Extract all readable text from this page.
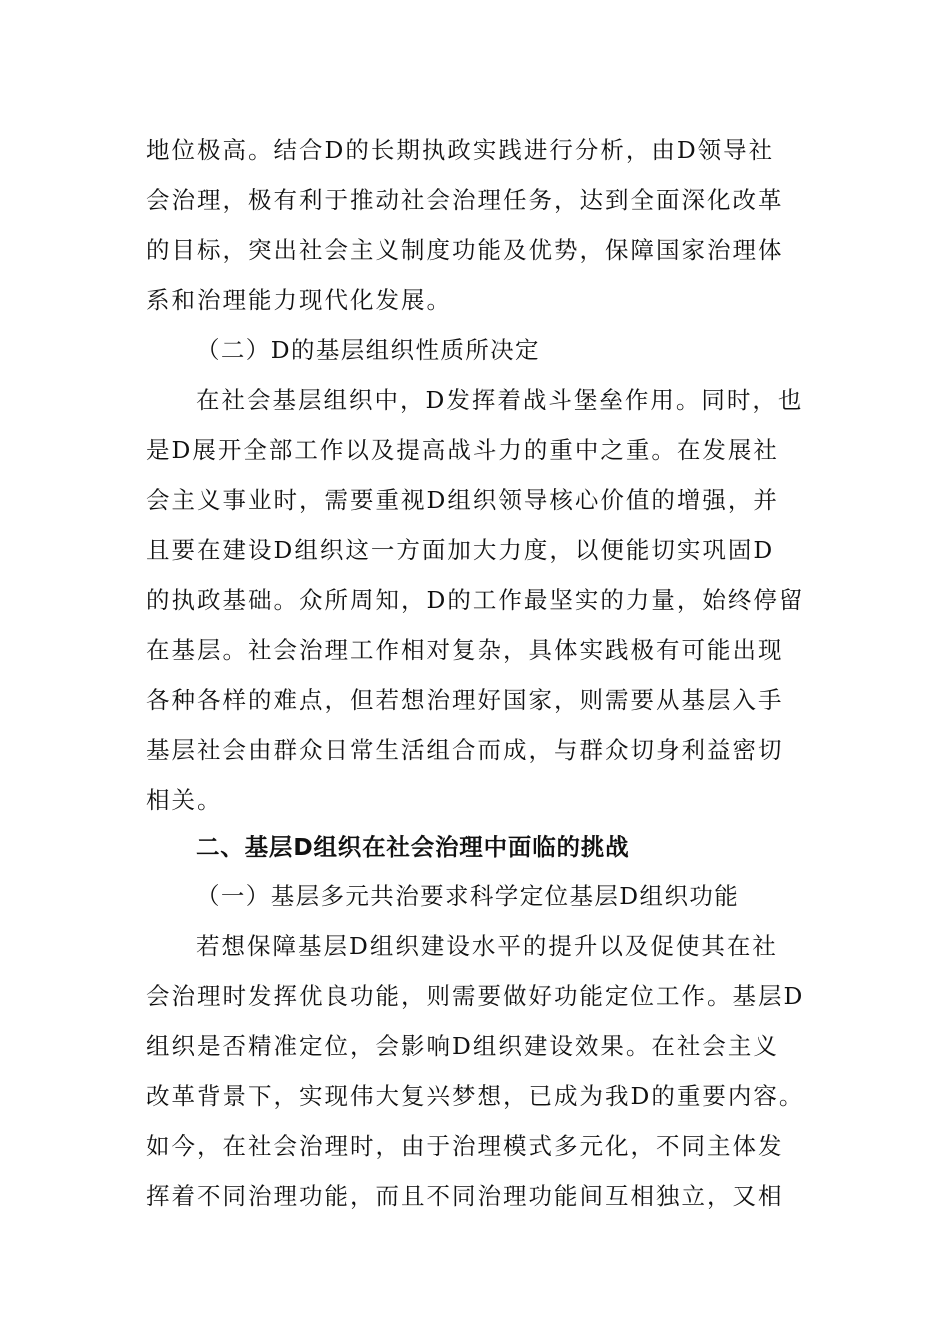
地位极高。结合D的长期执政实践进行分析，由D领导社
会治理，极有利于推动社会治理任务，达到全面深化改革
的目标，突出社会主义制度功能及优势，保障国家治理体
系和治理能力现代化发展。
（二）D的基层组织性质所决定
在社会基层组织中，D发挥着战斗堡垒作用。同时，也
是D展开全部工作以及提高战斗力的重中之重。在发展社
会主义事业时，需要重视D组织领导核心价值的增强，并
且要在建设D组织这一方面加大力度，以便能切实巩固D
的执政基础。众所周知，D的工作最坚实的力量，始终停留
在基层。社会治理工作相对复杂，具体实践极有可能出现
各种各样的难点，但若想治理好国家，则需要从基层入手
基层社会由群众日常生活组合而成，与群众切身利益密切
相关。
二、基层D组织在社会治理中面临的挑战
（一）基层多元共治要求科学定位基层D组织功能
若想保障基层D组织建设水平的提升以及促使其在社
会治理时发挥优良功能，则需要做好功能定位工作。基层D
组织是否精准定位，会影响D组织建设效果。在社会主义
改革背景下，实现伟大复兴梦想，已成为我D的重要内容。
如今，在社会治理时，由于治理模式多元化，不同主体发
挥着不同治理功能，而且不同治理功能间互相独立，又相
